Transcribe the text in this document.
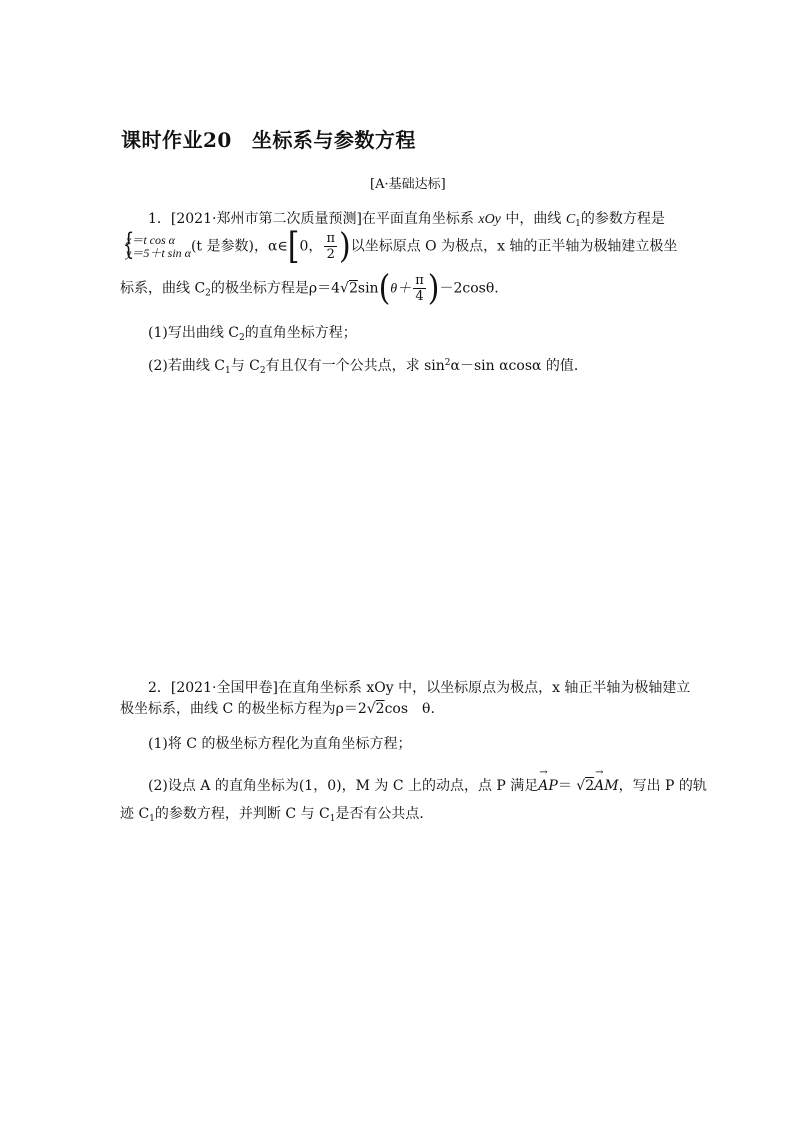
课时作业20 坐标系与参数方程
[A·基础达标]
1．[2021·郑州市第二次质量预测]在平面直角坐标系 xOy 中，曲线 $C_1$的参数方程是
{
x＝t cos α
y＝5＋t sin α (t 是参数)，α∈[0， $\frac{\pi}{2}$ )以坐标原点 O 为极点，x 轴的正半轴为极轴建立极坐
标系，曲线 $C_2$的极坐标方程是$\rho=4√2\sin(\theta+ \frac{\pi}{4} )-2\cos\theta$.
(1)写出曲线 $C_2$的直角坐标方程；
(2)若曲线 $C_1$与 $C_2$有且仅有一个公共点，求 $\sin^2\alpha-\sin$ αcosα 的值．
2．[2021·全国甲卷]在直角坐标系 xOy 中，以坐标原点为极点，x 轴正半轴为极轴建立
极坐标系，曲线 C 的极坐标方程为ρ＝2√2cos　θ.
(1)将 C 的极坐标方程化为直角坐标方程；
(2)设点 A 的直角坐标为(1，0)，M 为 C 上的动点，点 P 满足→ AP＝ √2→ AM，写出 P 的轨
迹 $C_1$的参数方程，并判断 C 与 $C_1$是否有公共点．
